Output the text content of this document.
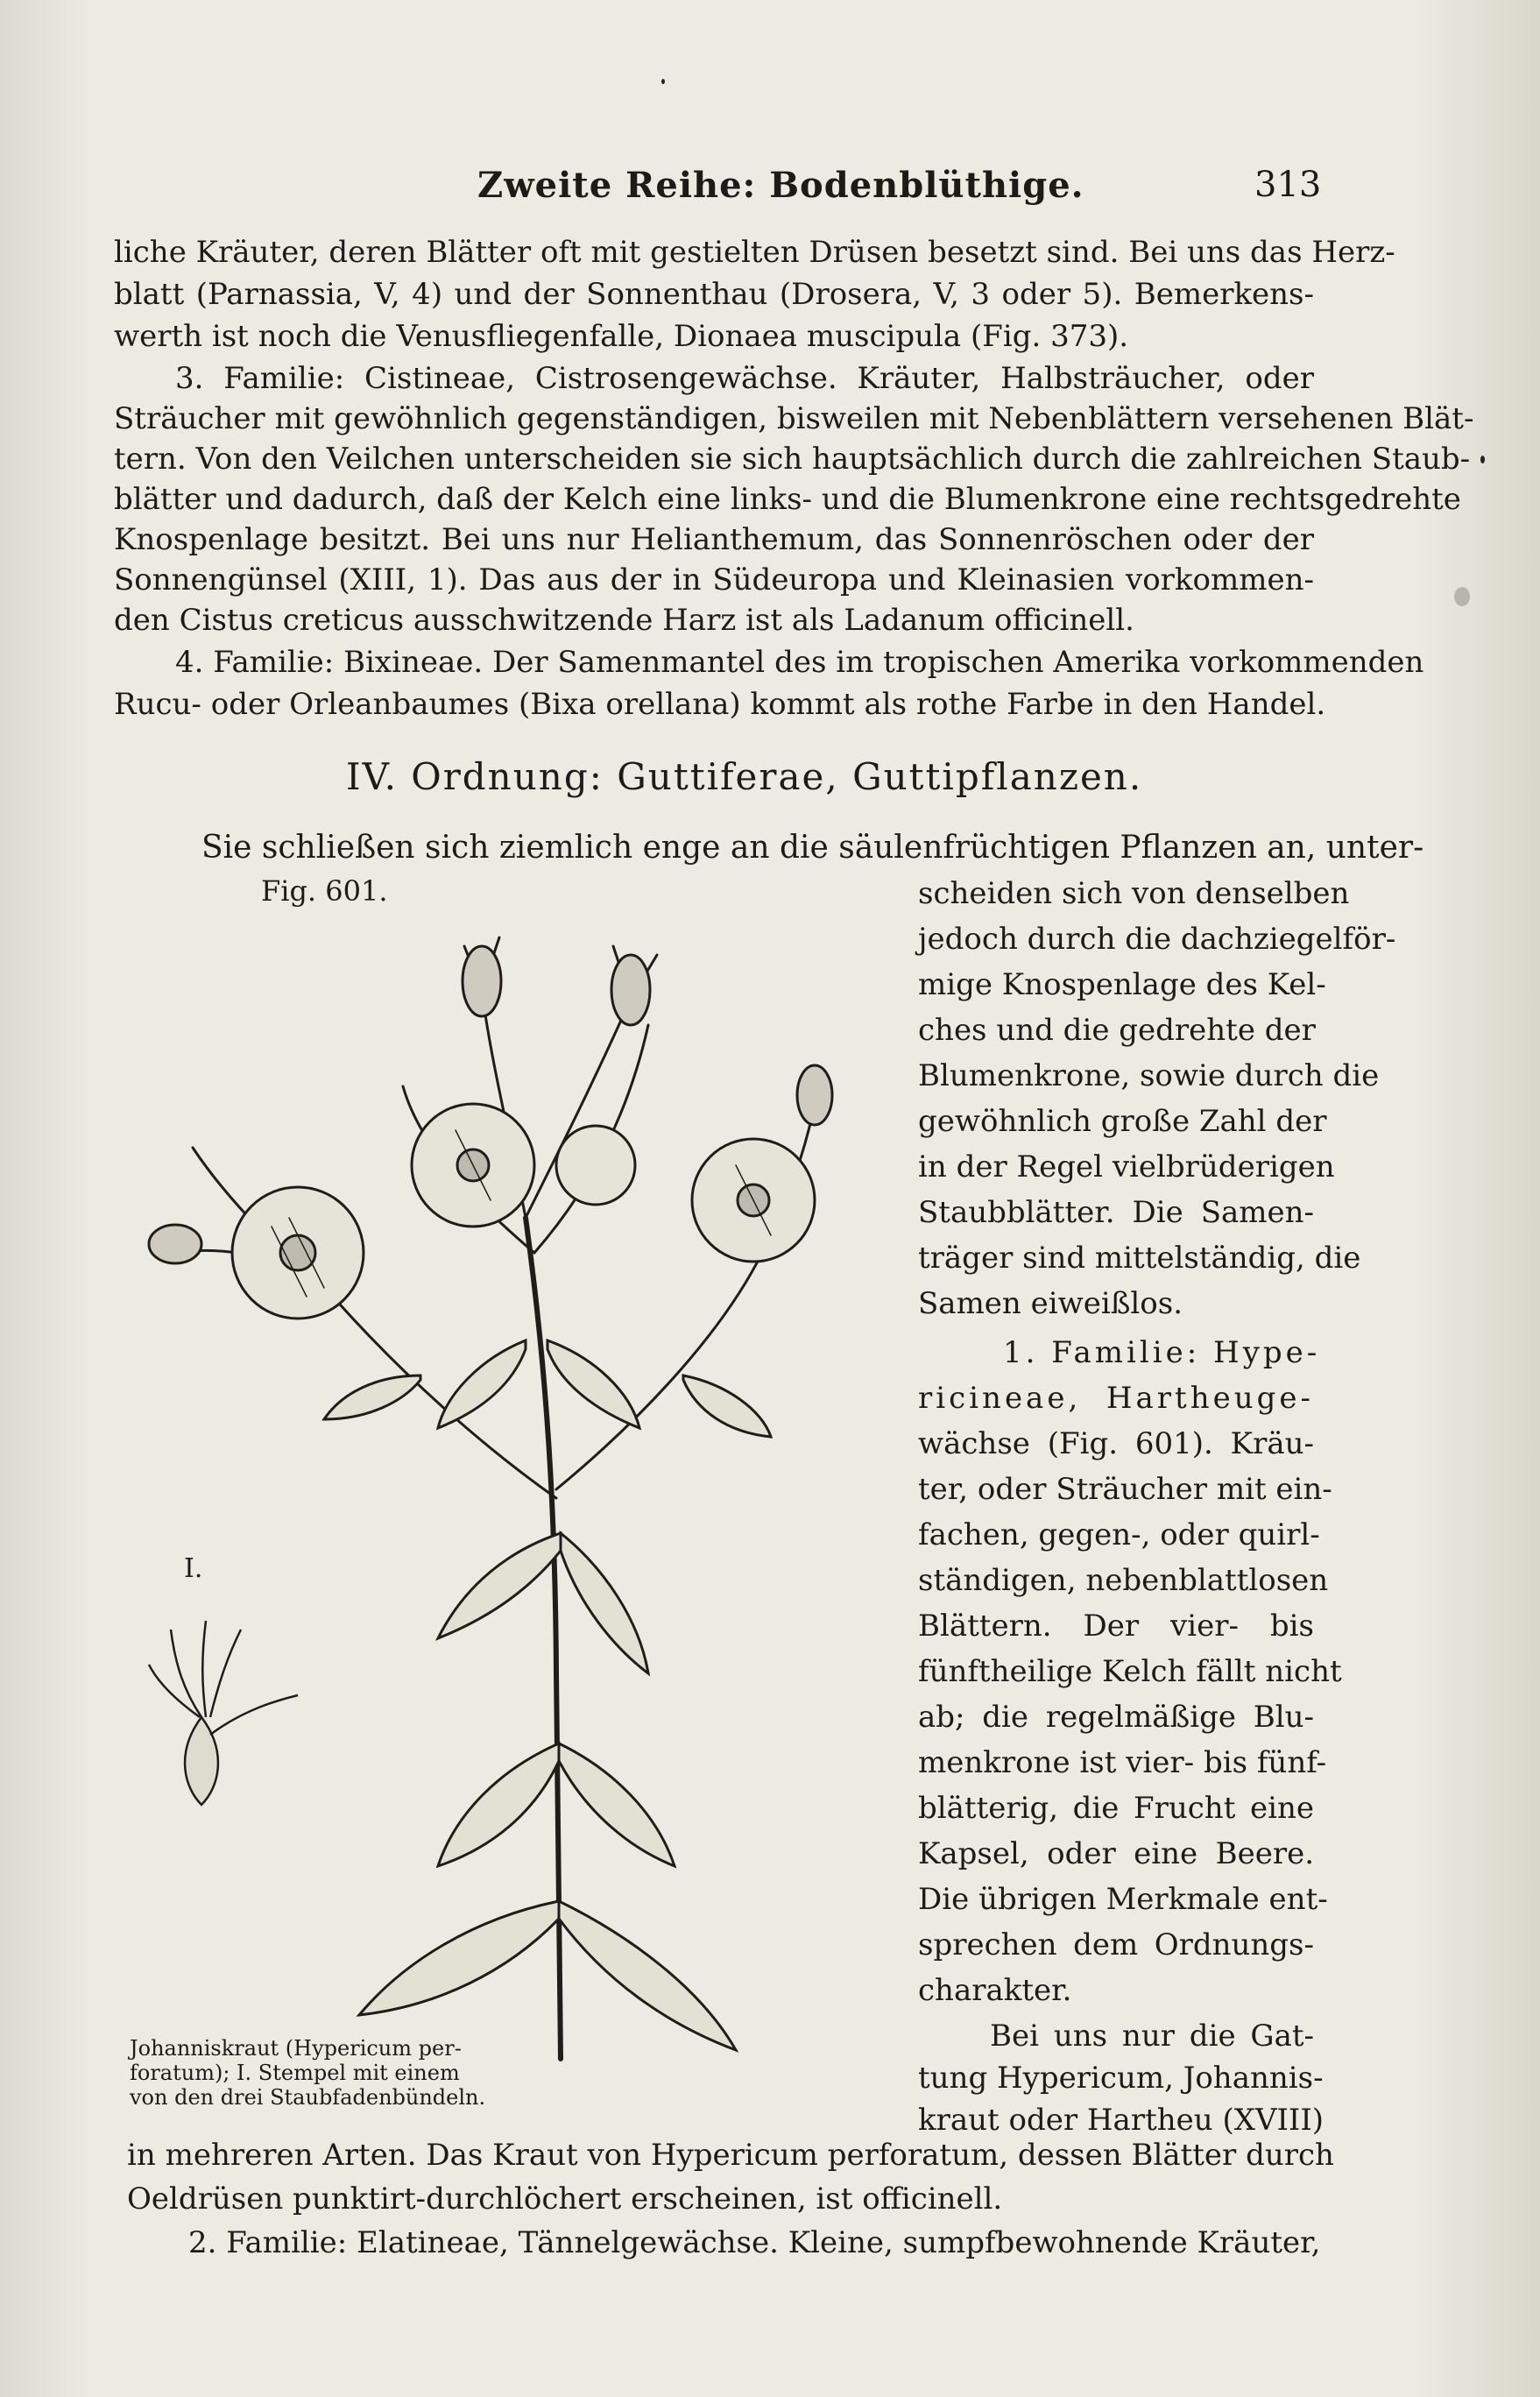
Zweite Reihe: Bodenblüthige.	313
liche Kräuter, deren Blätter oft mit gestielten Drüsen besetzt sind. Bei uns das Herz-
blatt (Parnassia, V, 4) und der Sonnenthau (Drosera, V, 3 oder 5). Bemerkens-
werth ist noch die Venusfliegenfalle, Dionaea muscipula (Fig. 373).
3. Familie: Cistineae, Cistrosengewächse. Kräuter, Halbsträucher, oder
Sträucher mit gewöhnlich gegenständigen, bisweilen mit Nebenblättern versehenen Blät-
tern. Von den Veilchen unterscheiden sie sich hauptsächlich durch die zahlreichen Staub-
blätter und dadurch, daß der Kelch eine links- und die Blumenkrone eine rechtsgedrehte
Knospenlage besitzt. Bei uns nur Helianthemum, das Sonnenröschen oder der
Sonnengünsel (XIII, 1). Das aus der in Südeuropa und Kleinasien vorkommen-
den Cistus creticus ausschwitzende Harz ist als Ladanum officinell.
4. Familie: Bixineae. Der Samenmantel des im tropischen Amerika vorkommenden
Rucu- oder Orleanbaumes (Bixa orellana) kommt als rothe Farbe in den Handel.
IV. Ordnung: Guttiferae, Guttipflanzen.
Sie schließen sich ziemlich enge an die säulenfrüchtigen Pflanzen an, unter-
Fig. 601.
I.
Johanniskraut (Hypericum per-
foratum); I. Stempel mit einem
von den drei Staubfadenbündeln.
scheiden sich von denselben
jedoch durch die dachziegelför-
mige Knospenlage des Kel-
ches und die gedrehte der
Blumenkrone, sowie durch die
gewöhnlich große Zahl der
in der Regel vielbrüderigen
Staubblätter. Die Samen-
träger sind mittelständig, die
Samen eiweißlos.
1. Familie: Hype-
ricineae, Hartheuge-
wächse (Fig. 601). Kräu-
ter, oder Sträucher mit ein-
fachen, gegen-, oder quirl-
ständigen, nebenblattlosen
Blättern. Der vier- bis
fünftheilige Kelch fällt nicht
ab; die regelmäßige Blu-
menkrone ist vier- bis fünf-
blätterig, die Frucht eine
Kapsel, oder eine Beere.
Die übrigen Merkmale ent-
sprechen dem Ordnungs-
charakter.
Bei uns nur die Gat-
tung Hypericum, Johannis-
kraut oder Hartheu (XVIII)
in mehreren Arten. Das Kraut von Hypericum perforatum, dessen Blätter durch
Oeldrüsen punktirt-durchlöchert erscheinen, ist officinell.
2. Familie: Elatineae, Tännelgewächse. Kleine, sumpfbewohnende Kräuter,
